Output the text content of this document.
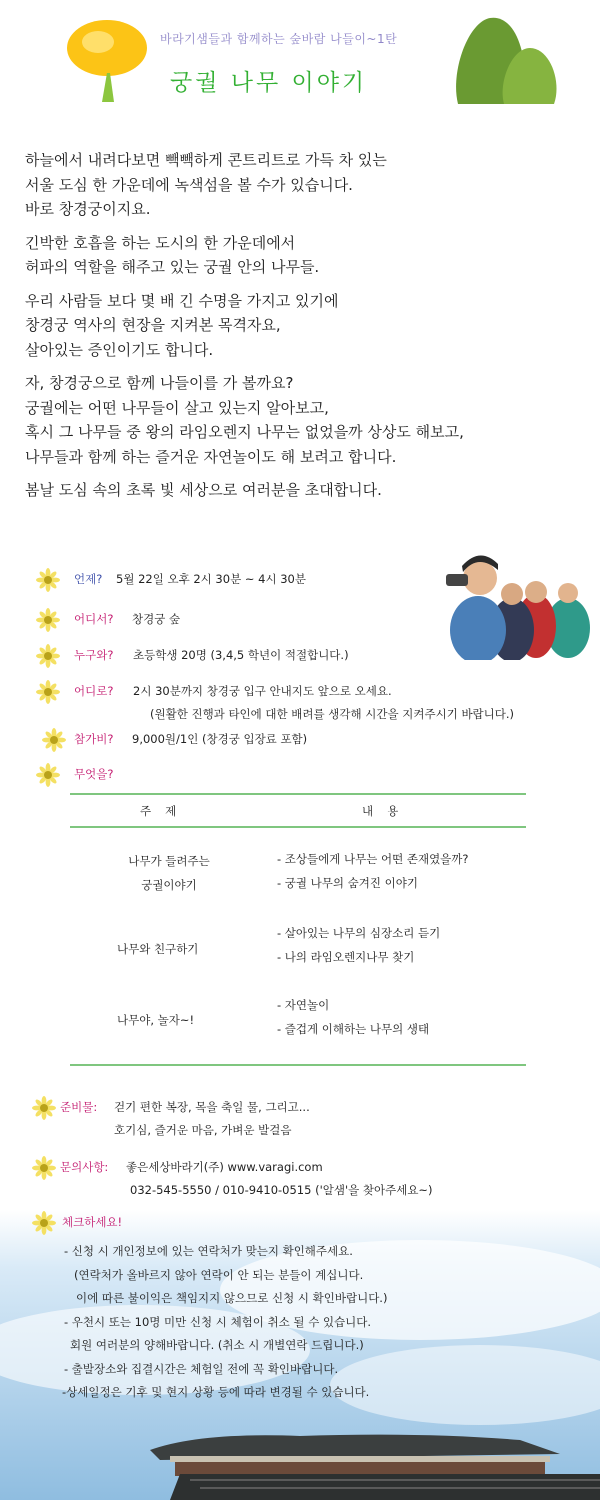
바라기샘들과 함께하는 숲바람 나들이~1탄
궁궐 나무 이야기

하늘에서 내려다보면 빽빽하게 콘트리트로 가득 차 있는
서울 도심 한 가운데에 녹색섬을 볼 수가 있습니다.
바로 창경궁이지요.

긴박한 호흡을 하는 도시의 한 가운데에서
허파의 역할을 해주고 있는 궁궐 안의 나무들.

우리 사람들 보다 몇 배 긴 수명을 가지고 있기에
창경궁 역사의 현장을 지켜본 목격자요,
살아있는 증인이기도 합니다.

자, 창경궁으로 함께 나들이를 가 볼까요?
궁궐에는 어떤 나무들이 살고 있는지 알아보고,
혹시 그 나무들 중 왕의 라임오렌지 나무는 없었을까 상상도 해보고,
나무들과 함께 하는 즐거운 자연놀이도 해 보려고 합니다.

봄날 도심 속의 초록 빛 세상으로 여러분을 초대합니다.

언제? 5월 22일 오후 2시 30분 ~ 4시 30분
어디서? 창경궁 숲
누구와? 초등학생 20명 (3,4,5 학년이 적절합니다.)
어디로? 2시 30분까지 창경궁 입구 안내지도 앞으로 오세요.
(원활한 진행과 타인에 대한 배려를 생각해 시간을 지켜주시기 바랍니다.)
참가비? 9,000원/1인 (창경궁 입장료 포함)
무엇을?
주제	내용
나무가 들려주는
궁궐이야기
- 조상들에게 나무는 어떤 존재였을까?
- 궁궐 나무의 숨겨진 이야기
나무와 친구하기
- 살아있는 나무의 심장소리 듣기
- 나의 라임오렌지나무 찾기
나무야, 놀자~!
- 자연놀이
- 즐겁게 이해하는 나무의 생태
준비물: 걷기 편한 복장, 목을 축일 물, 그리고...
호기심, 즐거운 마음, 가벼운 발걸음
문의사항: 좋은세상바라기(주) www.varagi.com
032-545-5550 / 010-9410-0515 ('알샘'을 찾아주세요~)
체크하세요!
- 신청 시 개인정보에 있는 연락처가 맞는지 확인해주세요.
(연락처가 올바르지 않아 연락이 안 되는 분들이 계십니다.
이에 따른 불이익은 책임지지 않으므로 신청 시 확인바랍니다.)
- 우천시 또는 10명 미만 신청 시 체험이 취소 될 수 있습니다.
회원 여러분의 양해바랍니다. (취소 시 개별연락 드립니다.)
- 출발장소와 집결시간은 체험일 전에 꼭 확인바랍니다.
-상세일정은 기후 및 현지 상황 등에 따라 변경될 수 있습니다.
